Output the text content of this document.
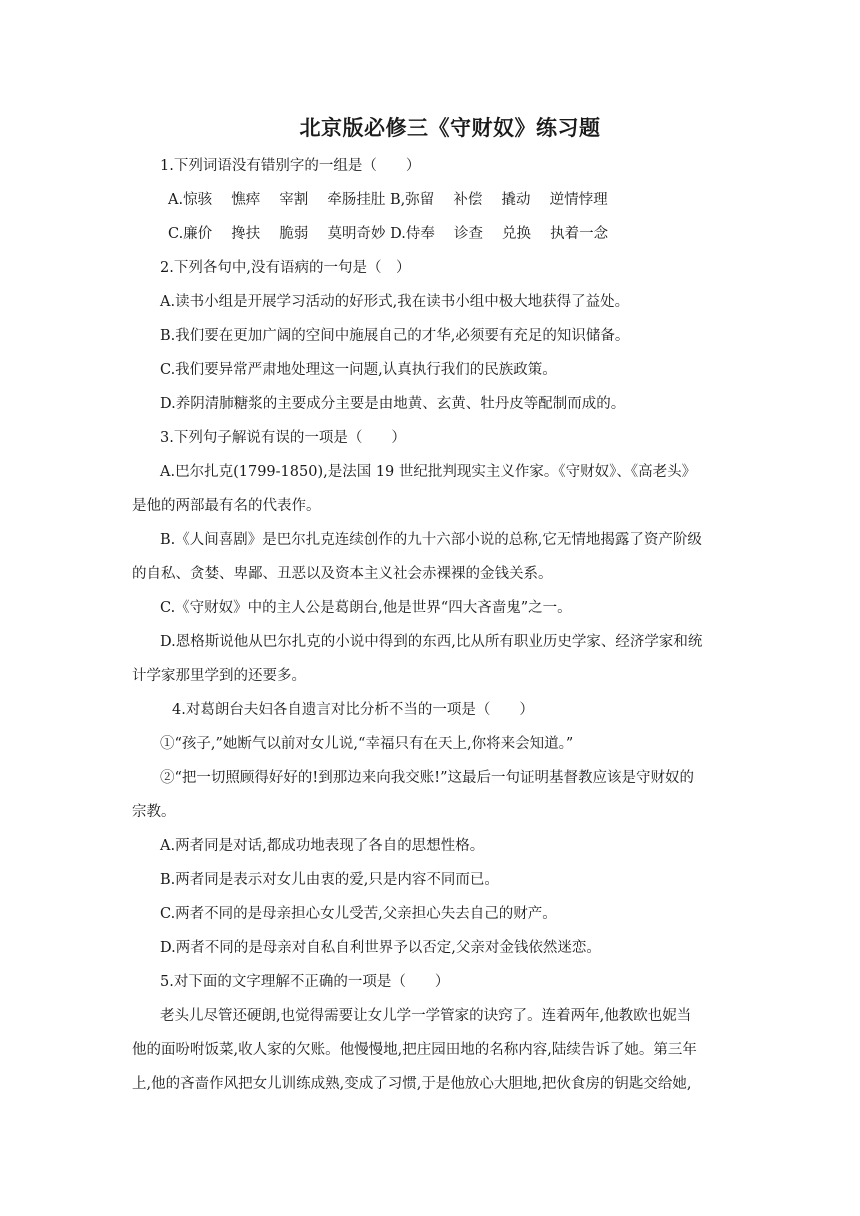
北京版必修三《守财奴》练习题
1.下列词语没有错别字的一组是（　　）
A.惊骇　 憔瘁　 宰割　 牵肠挂肚 B,弥留　 补偿　 撬动　 逆情悖理
C.廉价　 搀扶　 脆弱　 莫明奇妙 D.侍奉　 诊查　 兑换　 执着一念
2.下列各句中,没有语病的一句是（　）
A.读书小组是开展学习活动的好形式,我在读书小组中极大地获得了益处。
B.我们要在更加广阔的空间中施展自己的才华,必须要有充足的知识储备。
C.我们要异常严肃地处理这一问题,认真执行我们的民族政策。
D.养阴清肺糖浆的主要成分主要是由地黄、玄黄、牡丹皮等配制而成的。
3.下列句子解说有误的一项是（　　）
A.巴尔扎克(1799-1850),是法国 19 世纪批判现实主义作家。《守财奴》、《高老头》
是他的两部最有名的代表作。
B.《人间喜剧》是巴尔扎克连续创作的九十六部小说的总称,它无情地揭露了资产阶级
的自私、贪婪、卑鄙、丑恶以及资本主义社会赤裸裸的金钱关系。
C.《守财奴》中的主人公是葛朗台,他是世界“四大吝啬鬼”之一。
D.恩格斯说他从巴尔扎克的小说中得到的东西,比从所有职业历史学家、经济学家和统
计学家那里学到的还要多。
4.对葛朗台夫妇各自遗言对比分析不当的一项是（　　）
①“孩子,”她断气以前对女儿说,“幸福只有在天上,你将来会知道。”
②“把一切照顾得好好的!到那边来向我交账!”这最后一句证明基督教应该是守财奴的
宗教。
A.两者同是对话,都成功地表现了各自的思想性格。
B.两者同是表示对女儿由衷的爱,只是内容不同而已。
C.两者不同的是母亲担心女儿受苦,父亲担心失去自己的财产。
D.两者不同的是母亲对自私自利世界予以否定,父亲对金钱依然迷恋。
5.对下面的文字理解不正确的一项是（　　）
老头儿尽管还硬朗,也觉得需要让女儿学一学管家的诀窍了。连着两年,他教欧也妮当
他的面吩咐饭菜,收人家的欠账。他慢慢地,把庄园田地的名称内容,陆续告诉了她。第三年
上,他的吝啬作风把女儿训练成熟,变成了习惯,于是他放心大胆地,把伙食房的钥匙交给她,
